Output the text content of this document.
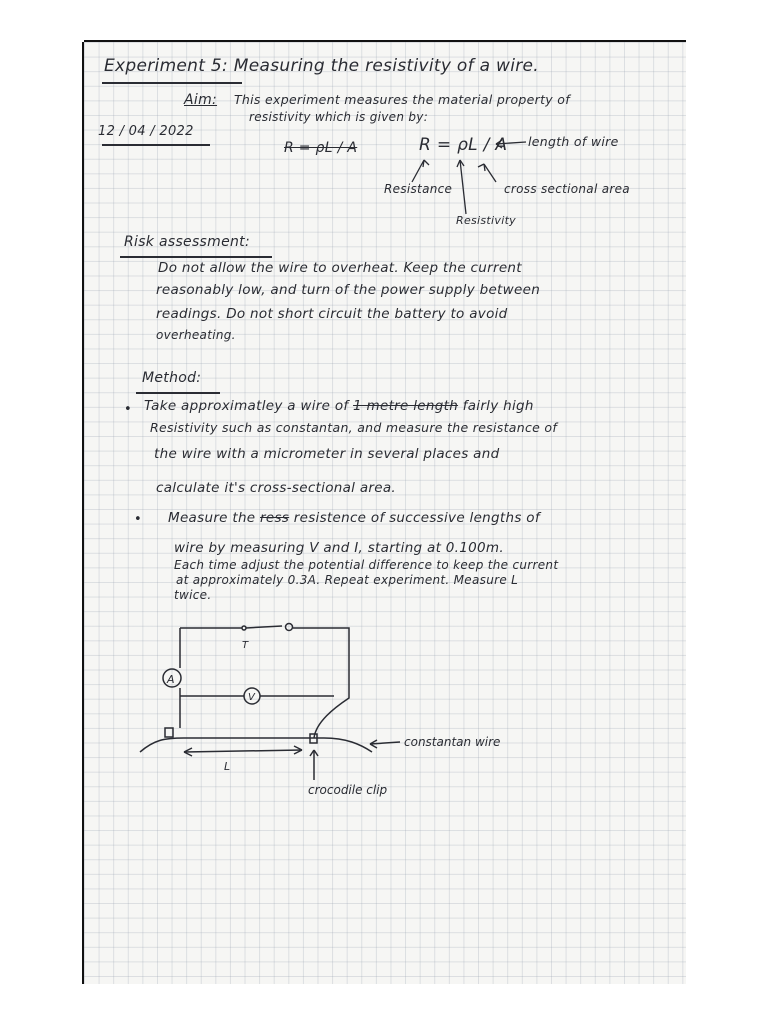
Experiment 5: Measuring the resistivity of a wire.
Aim: This experiment measures the material property of
resistivity which is given by:
12 / 04 / 2022
R = ρL / A	R = ρL / A length of wire
Resistance	cross sectional area
Resistivity
Risk assessment:
Do not allow the wire to overheat. Keep the current
reasonably low, and turn of the power supply between
readings. Do not short circuit the battery to avoid
overheating.
Method:
• Take approximatley a wire of 1 metre length fairly high
Resistivity such as constantan, and measure the resistance of
the wire with a micrometer in several places and
calculate it's cross-sectional area.
• Measure the ress resistence of successive lengths of
wire by measuring V and I, starting at 0.100m.
Each time adjust the potential difference to keep the current
at approximately 0.3A. Repeat experiment. Measure L
twice.
A
V
T
L
constantan wire
crocodile clip
